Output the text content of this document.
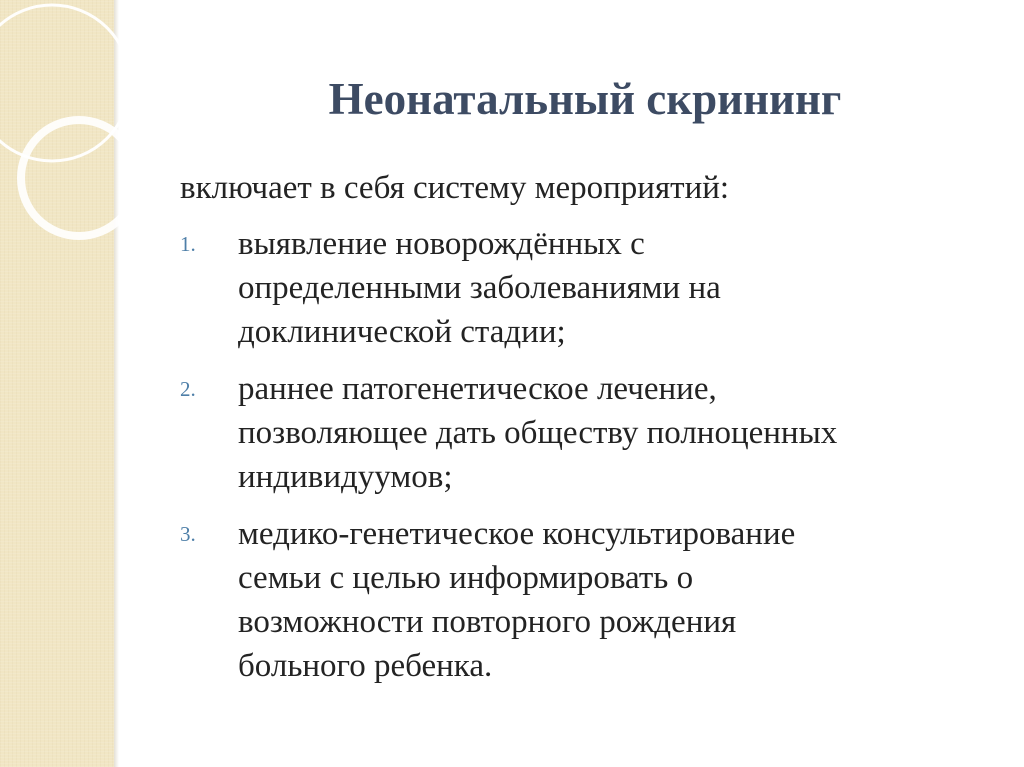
Неонатальный скрининг
включает в себя систему мероприятий:
1. выявление новорождённых с
определенными заболеваниями на
доклинической стадии;
2. раннее патогенетическое лечение,
позволяющее дать обществу полноценных
индивидуумов;
3. медико-генетическое консультирование
семьи с целью информировать о
возможности повторного рождения
больного ребенка.
